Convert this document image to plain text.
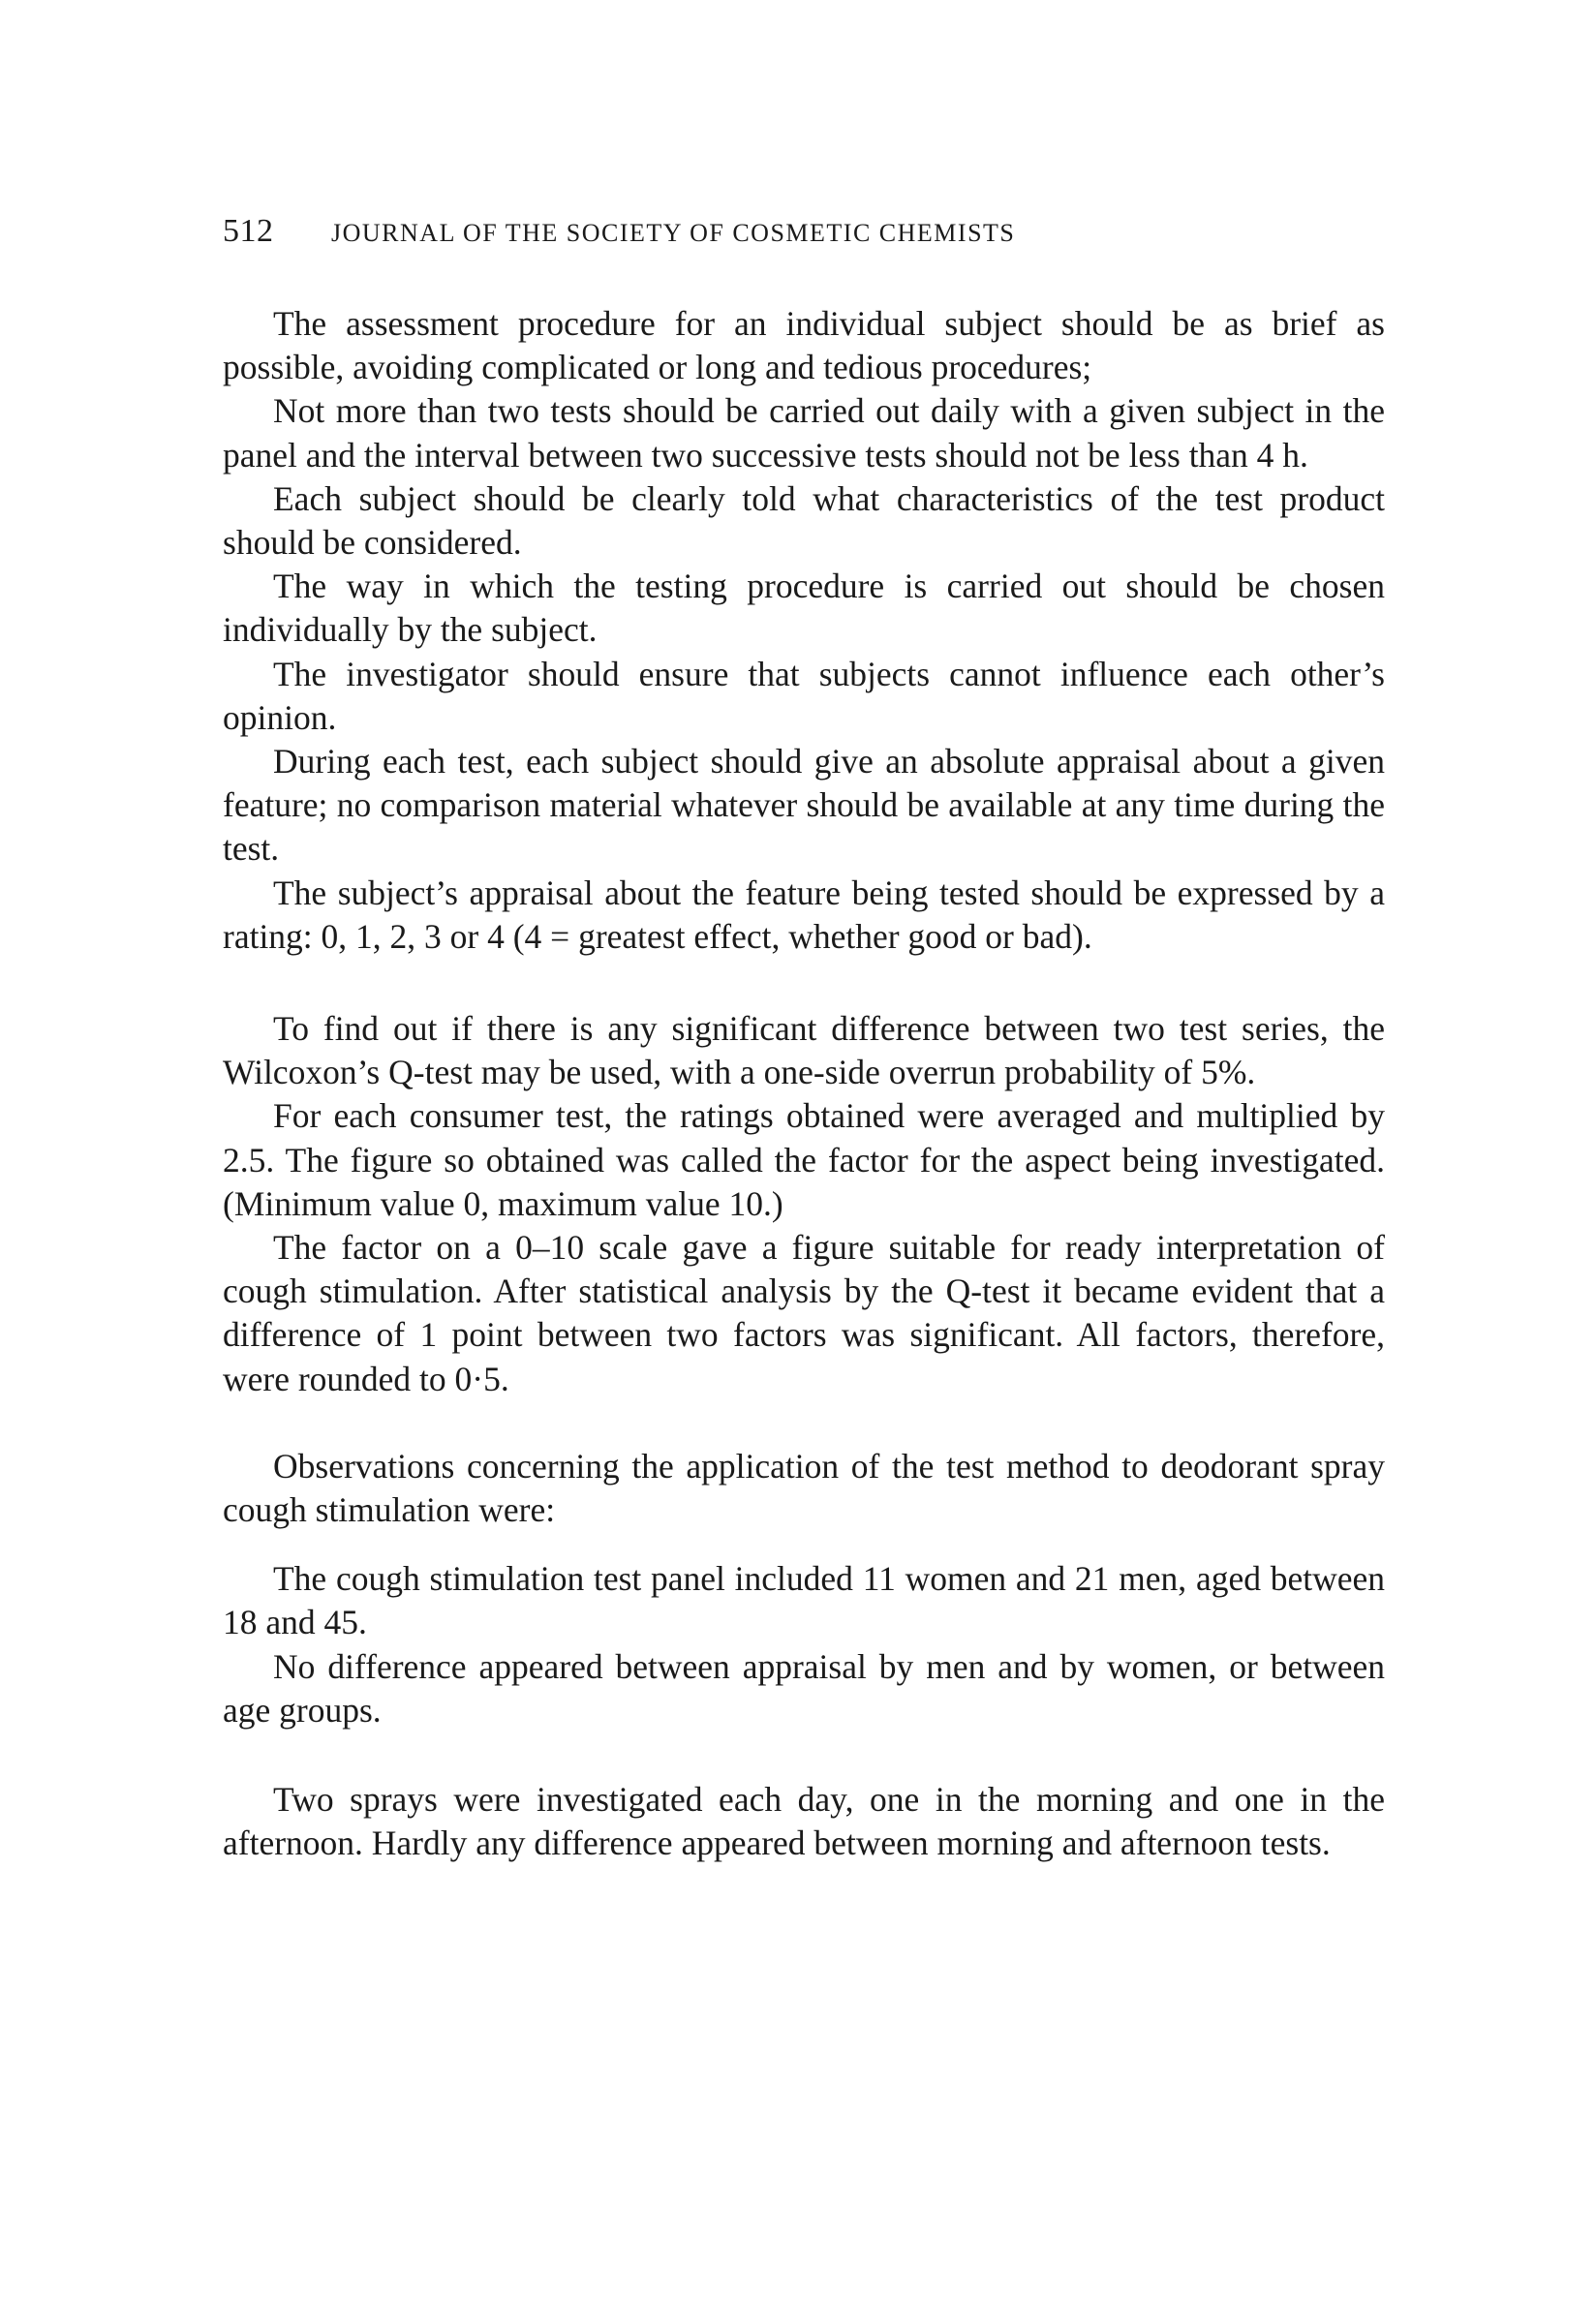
512	JOURNAL OF THE SOCIETY OF COSMETIC CHEMISTS

The assessment procedure for an individual subject should be as brief as possible, avoiding complicated or long and tedious procedures;

Not more than two tests should be carried out daily with a given subject in the panel and the interval between two successive tests should not be less than 4 h.

Each subject should be clearly told what characteristics of the test product should be considered.

The way in which the testing procedure is carried out should be chosen individually by the subject.

The investigator should ensure that subjects cannot influence each other’s opinion.

During each test, each subject should give an absolute appraisal about a given feature; no comparison material whatever should be available at any time during the test.

The subject’s appraisal about the feature being tested should be expressed by a rating: 0, 1, 2, 3 or 4 (4 = greatest effect, whether good or bad).

To find out if there is any significant difference between two test series, the Wilcoxon’s Q-test may be used, with a one-side overrun probability of 5%.

For each consumer test, the ratings obtained were averaged and multiplied by 2.5. The figure so obtained was called the factor for the aspect being investigated. (Minimum value 0, maximum value 10.)

The factor on a 0–10 scale gave a figure suitable for ready interpretation of cough stimulation. After statistical analysis by the Q-test it became evident that a difference of 1 point between two factors was significant. All factors, therefore, were rounded to 0·5.

Observations concerning the application of the test method to deodorant spray cough stimulation were:

The cough stimulation test panel included 11 women and 21 men, aged between 18 and 45.

No difference appeared between appraisal by men and by women, or between age groups.

Two sprays were investigated each day, one in the morning and one in the afternoon. Hardly any difference appeared between morning and afternoon tests.
